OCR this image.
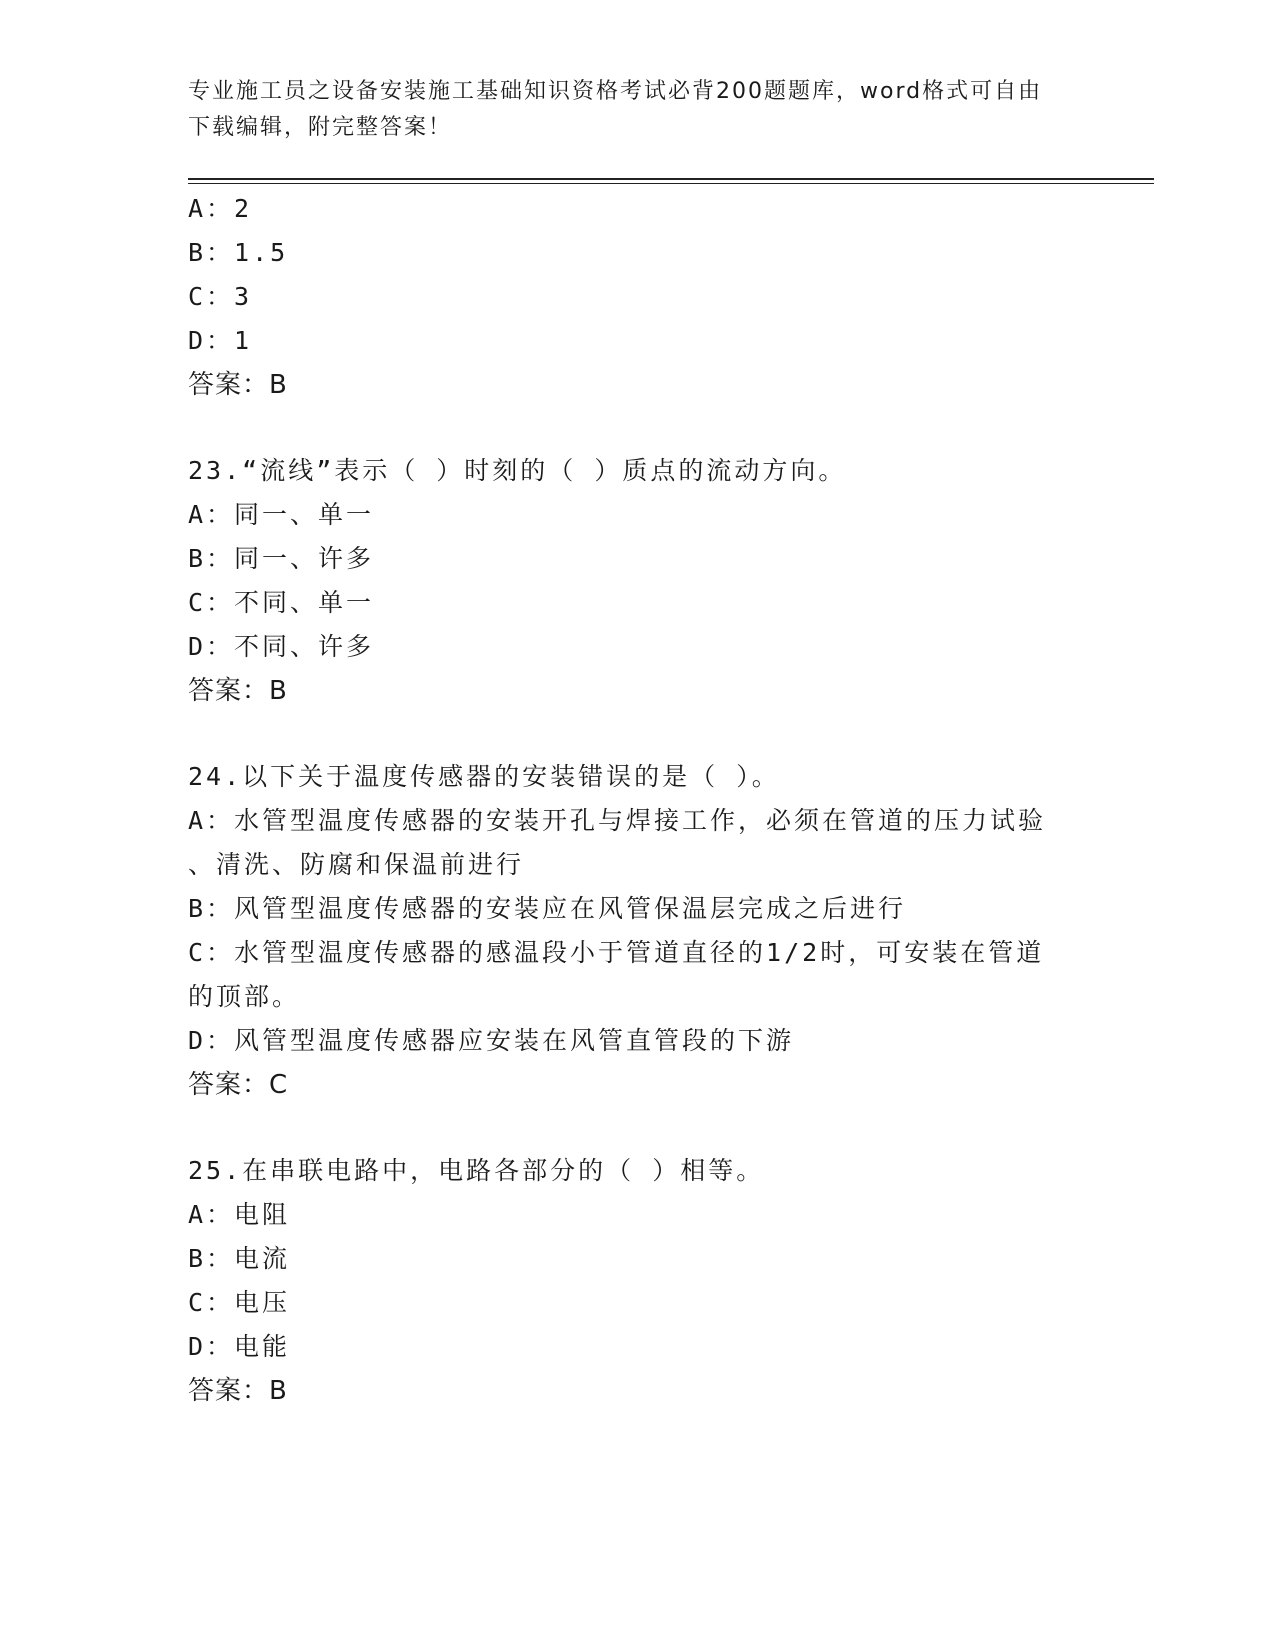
专业施工员之设备安装施工基础知识资格考试必背200题题库，word格式可自由
下载编辑，附完整答案！
A：2
B：1.5
C：3
D：1
答案：B
23.“流线”表示（ ）时刻的（ ）质点的流动方向。
A：同一、单一
B：同一、许多
C：不同、单一
D：不同、许多
答案：B
24.以下关于温度传感器的安装错误的是（ ）。
A：水管型温度传感器的安装开孔与焊接工作，必须在管道的压力试验
、清洗、防腐和保温前进行
B：风管型温度传感器的安装应在风管保温层完成之后进行
C：水管型温度传感器的感温段小于管道直径的1/2时，可安装在管道
的顶部。
D：风管型温度传感器应安装在风管直管段的下游
答案：C
25.在串联电路中，电路各部分的（ ）相等。
A：电阻
B：电流
C：电压
D：电能
答案：B
